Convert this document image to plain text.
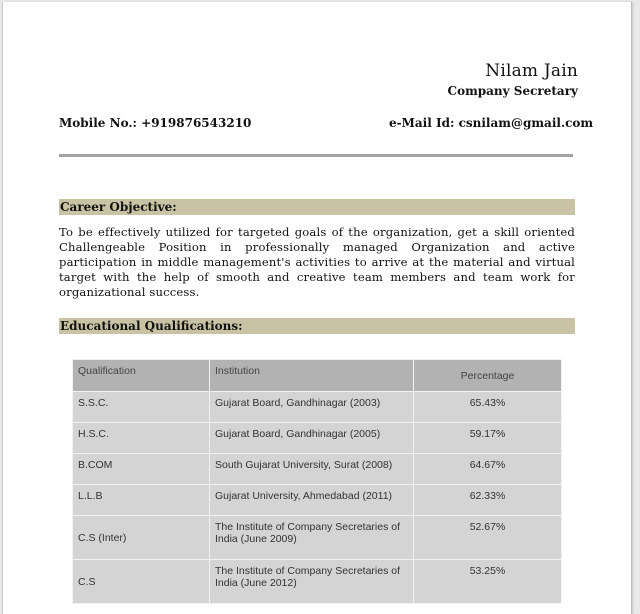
Nilam Jain
Company Secretary
Mobile No.: +919876543210	e-Mail Id: csnilam@gmail.com
Career Objective:
To be effectively utilized for targeted goals of the organization, get a skill oriented Challengeable Position in professionally managed Organization and active participation in middle management's activities to arrive at the material and virtual target with the help of smooth and creative team members and team work for organizational success.
Educational Qualifications:
Qualification	Institution	Percentage
S.S.C.	Gujarat Board, Gandhinagar (2003)	65.43%
H.S.C.	Gujarat Board, Gandhinagar (2005)	59.17%
B.COM	South Gujarat University, Surat (2008)	64.67%
L.L.B	Gujarat University, Ahmedabad (2011)	62.33%
C.S (Inter)	The Institute of Company Secretaries of India (June 2009)	52.67%
C.S	The Institute of Company Secretaries of India (June 2012)	53.25%
